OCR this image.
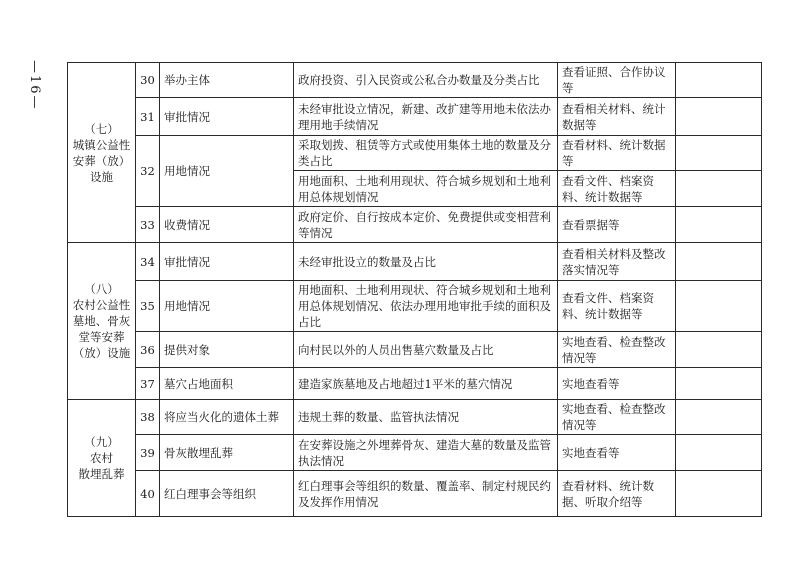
—16—
（七）
城镇公益性
安葬（放）
设施	30	举办主体	政府投资、引入民资或公私合办数量及分类占比	查看证照、合作协议等	
	31	审批情况	未经审批设立情况，新建、改扩建等用地未依法办理用地手续情况	查看相关材料、统计数据等	
	32	用地情况	采取划拨、租赁等方式或使用集体土地的数量及分类占比	查看材料、统计数据等	
			用地面积、土地利用现状、符合城乡规划和土地利用总体规划情况	查看文件、档案资料、统计数据等	
	33	收费情况	政府定价、自行按成本定价、免费提供或变相营利等情况	查看票据等	

（八）
农村公益性
墓地、骨灰
堂等安葬
（放）设施	34	审批情况	未经审批设立的数量及占比	查看相关材料及整改落实情况等	
	35	用地情况	用地面积、土地利用现状、符合城乡规划和土地利用总体规划情况、依法办理用地审批手续的面积及占比	查看文件、档案资料、统计数据等	
	36	提供对象	向村民以外的人员出售墓穴数量及占比	实地查看、检查整改情况等	
	37	墓穴占地面积	建造家族墓地及占地超过1平米的墓穴情况	实地查看等	

（九）
农村
散埋乱葬	38	将应当火化的遗体土葬	违规土葬的数量、监管执法情况	实地查看、检查整改情况等	
	39	骨灰散埋乱葬	在安葬设施之外埋葬骨灰、建造大墓的数量及监管执法情况	实地查看等	
	40	红白理事会等组织	红白理事会等组织的数量、覆盖率、制定村规民约及发挥作用情况	查看材料、统计数据、听取介绍等	
